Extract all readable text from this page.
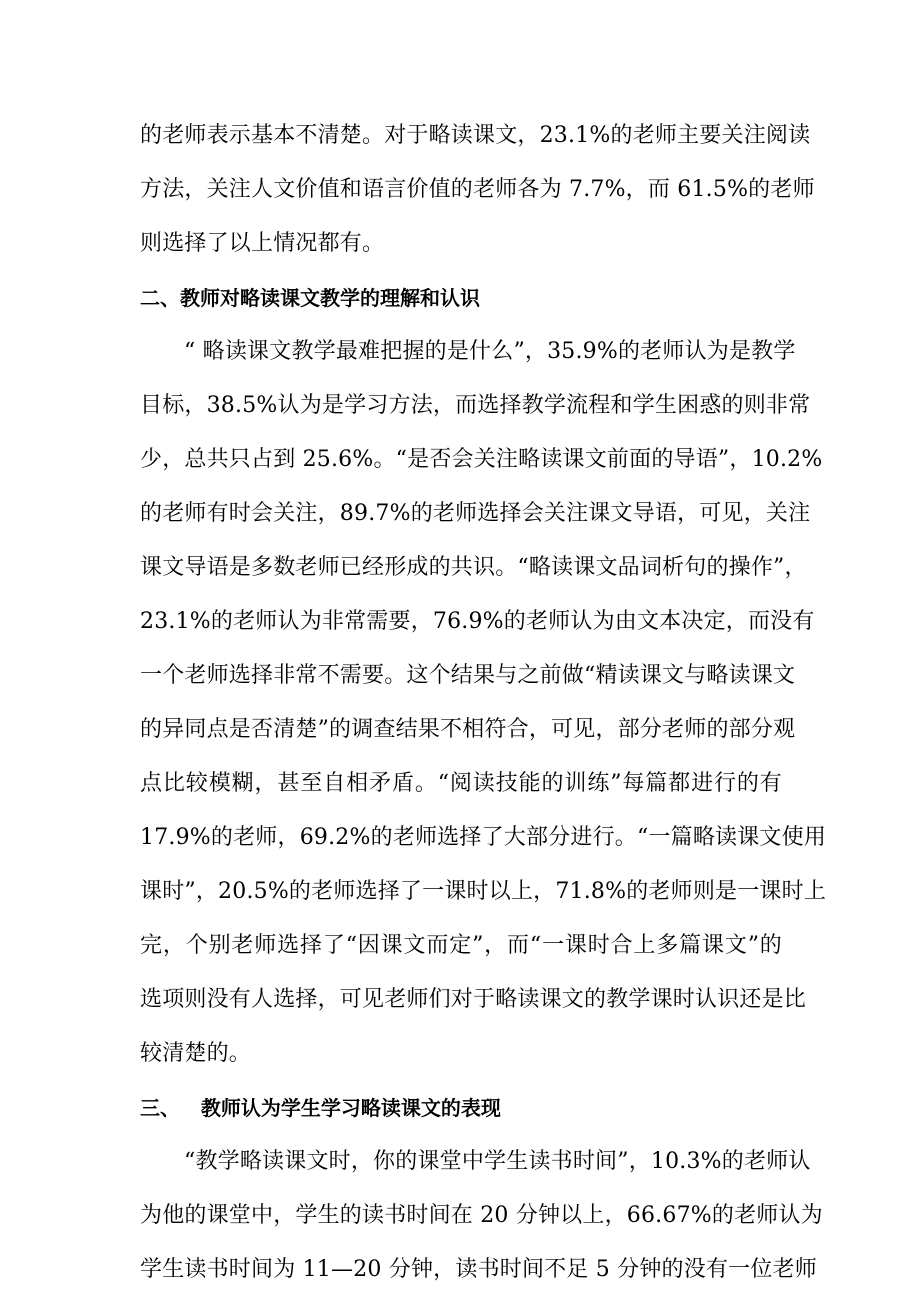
的老师表示基本不清楚。对于略读课文，23.1%的老师主要关注阅读
方法，关注人文价值和语言价值的老师各为 7.7%，而 61.5%的老师
则选择了以上情况都有。
二、教师对略读课文教学的理解和认识
“ 略读课文教学最难把握的是什么”，35.9%的老师认为是教学
目标，38.5%认为是学习方法，而选择教学流程和学生困惑的则非常
少，总共只占到 25.6%。“是否会关注略读课文前面的导语”，10.2%
的老师有时会关注，89.7%的老师选择会关注课文导语，可见，关注
课文导语是多数老师已经形成的共识。“略读课文品词析句的操作”，
23.1%的老师认为非常需要，76.9%的老师认为由文本决定，而没有
一个老师选择非常不需要。这个结果与之前做“精读课文与略读课文
的异同点是否清楚”的调查结果不相符合，可见，部分老师的部分观
点比较模糊，甚至自相矛盾。“阅读技能的训练”每篇都进行的有
17.9%的老师，69.2%的老师选择了大部分进行。“一篇略读课文使用
课时”，20.5%的老师选择了一课时以上，71.8%的老师则是一课时上
完，个别老师选择了“因课文而定”，而“一课时合上多篇课文”的
选项则没有人选择，可见老师们对于略读课文的教学课时认识还是比
较清楚的。
三、   教师认为学生学习略读课文的表现
“教学略读课文时，你的课堂中学生读书时间”，10.3%的老师认
为他的课堂中，学生的读书时间在 20 分钟以上，66.67%的老师认为
学生读书时间为 11—20 分钟，读书时间不足 5 分钟的没有一位老师
